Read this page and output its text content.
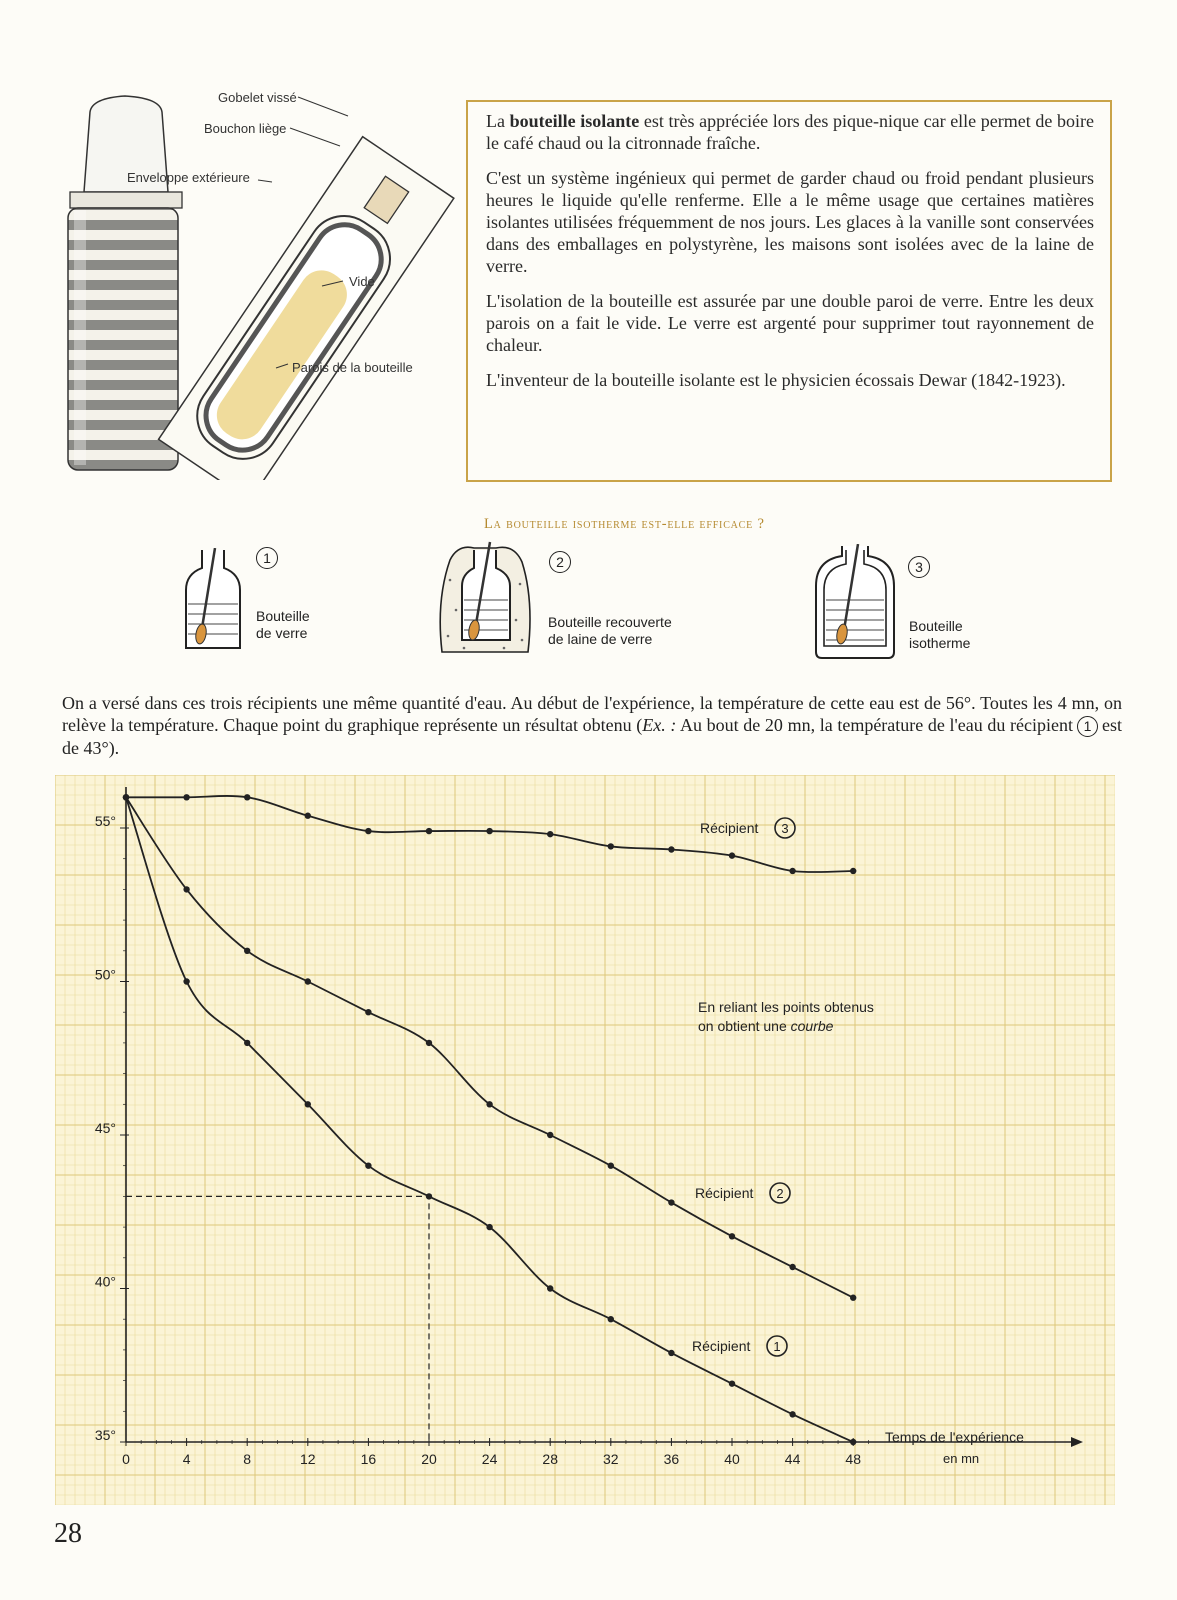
Gobelet vissé
Bouchon liège
Enveloppe extérieure
Vide
Parois de la bouteille

La bouteille isolante est très appréciée lors des pique-nique car elle permet de boire le café chaud ou la citronnade fraîche.

C'est un système ingénieux qui permet de garder chaud ou froid pendant plusieurs heures le liquide qu'elle renferme. Elle a le même usage que certaines matières isolantes utilisées fréquemment de nos jours. Les glaces à la vanille sont conservées dans des emballages en polystyrène, les maisons sont isolées avec de la laine de verre.

L'isolation de la bouteille est assurée par une double paroi de verre. Entre les deux parois on a fait le vide. Le verre est argenté pour supprimer tout rayonnement de chaleur.

L'inventeur de la bouteille isolante est le physicien écossais Dewar (1842-1923).

La bouteille isotherme est-elle efficace ?
1
Bouteille
de verre
2
Bouteille recouverte
de laine de verre
3
Bouteille
isotherme
On a versé dans ces trois récipients une même quantité d'eau. Au début de l'expérience, la température de cette eau est de 56°. Toutes les 4 mn, on relève la température. Chaque point du graphique représente un résultat obtenu (Ex. : Au bout de 20 mn, la température de l'eau du récipient 1 est de 43°).
0	4	8	12	16	20	24	28	32	36	40	44	48
35°
40°
45°
50°
55°	Récipient 3
Récipient 2
Récipient 1
En reliant les points obtenus
on obtient une courbe
Temps de l'expérience
en mn
28
